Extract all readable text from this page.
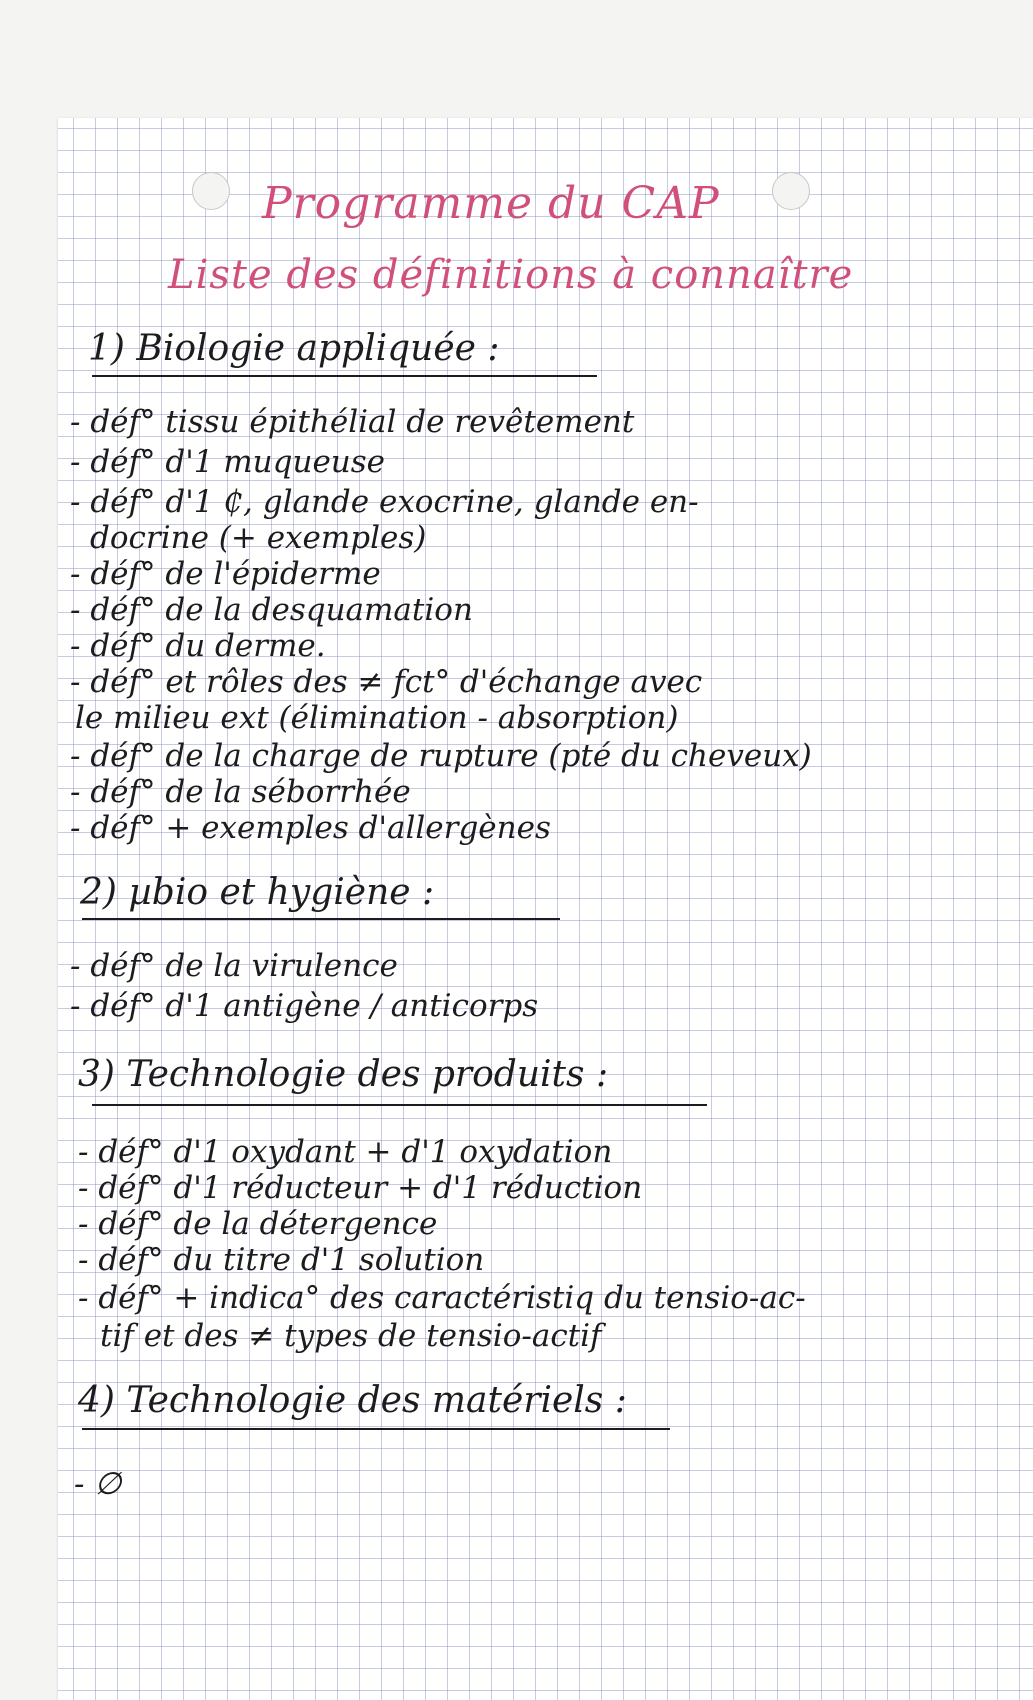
Programme du CAP
Liste des définitions à connaître
1) Biologie appliquée :
- déf° tissu épithélial de revêtement
- déf° d'1 muqueuse
- déf° d'1 ₵, glande exocrine, glande en-
docrine (+ exemples)
- déf° de l'épiderme
- déf° de la desquamation
- déf° du derme.
- déf° et rôles des ≠ fct° d'échange avec
le milieu ext (élimination - absorption)
- déf° de la charge de rupture (pté du cheveux)
- déf° de la séborrhée
- déf° + exemples d'allergènes
2) µbio et hygiène :
- déf° de la virulence
- déf° d'1 antigène / anticorps
3) Technologie des produits :
- déf° d'1 oxydant + d'1 oxydation
- déf° d'1 réducteur + d'1 réduction
- déf° de la détergence
- déf° du titre d'1 solution
- déf° + indica° des caractéristiq du tensio-ac-
tif et des ≠ types de tensio-actif
4) Technologie des matériels :
- ∅
